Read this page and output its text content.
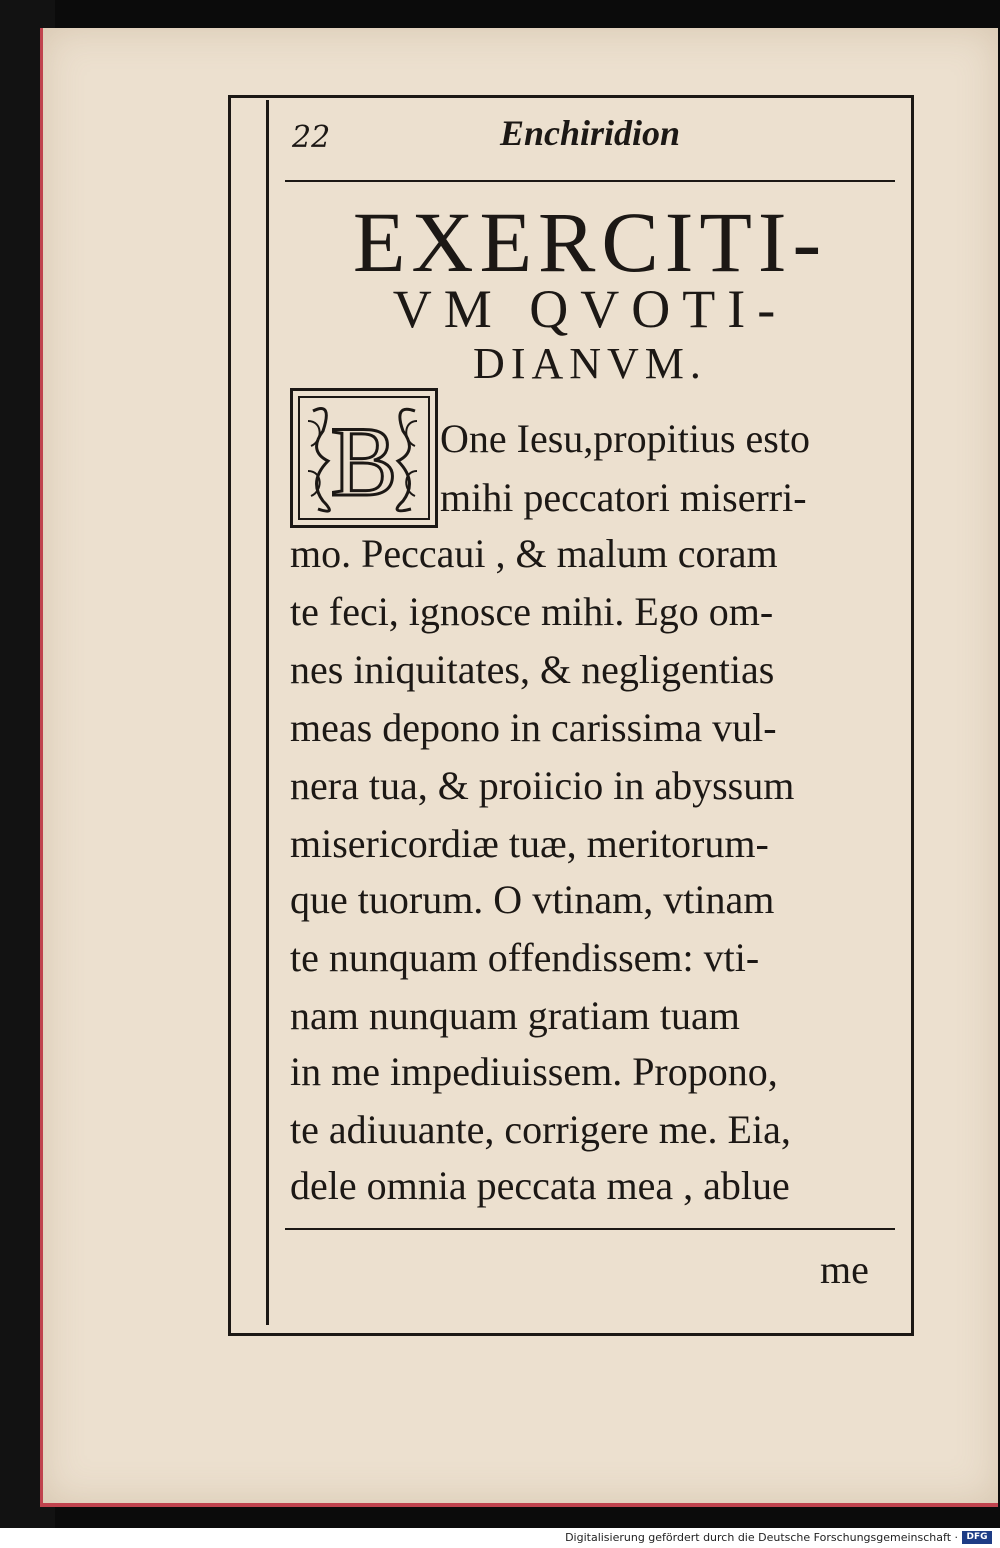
22	Enchiridion
EXERCITI-
VM QVOTI-
DIANVM.
B One Iesu,propitius esto
mihi peccatori miserri-
mo. Peccaui , & malum coram
te feci, ignosce mihi. Ego om-
nes iniquitates, & negligentias
meas depono in carissima vul-
nera tua, & proiicio in abyssum
misericordiæ tuæ, meritorum-
que tuorum. O vtinam, vtinam
te nunquam offendissem: vti-
nam nunquam gratiam tuam
in me impediuissem. Propono,
te adiuuante, corrigere me. Eia,
dele omnia peccata mea , ablue
me
Digitalisierung gefördert durch die Deutsche Forschungsgemeinschaft · DFG
